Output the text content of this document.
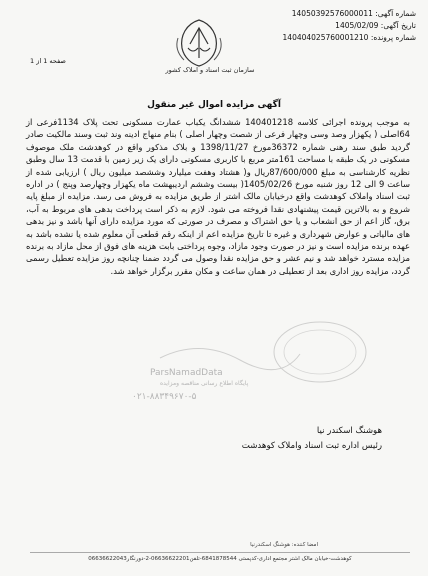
شماره آگهی: 14050392576000011
تاریخ آگهی: 1405/02/09
شماره پرونده: 140404025760001210
سازمان ثبت اسناد و املاک کشور
صفحه 1 از 1
آگهی مزایده اموال غیر منقول
به موجب پرونده اجرائی کلاسه 140401218 ششدانگ یکباب عمارت مسکونی تحت پلاک 1134فرعی از 64اصلی ( یکهزار وصد وسی وچهار فرعی از شصت وچهار اصلی ) بنام منهاج ادینه وند ثبت وسند مالکیت صادر گردید طبق سند رهنی شماره 36372مورخ 1398/11/27 و بلاک مذکور واقع در کوهدشت ملک موصوف مسکونی در یک طبقه با مساحت 161متر مربع با کاربری مسکونی دارای یک زیر زمین با قدمت 13 سال وطبق نظریه کارشناسی به مبلغ 87/600/000ریال و( هشتاد وهفت میلیارد وششصد میلیون ریال ) ارزیابی شده از ساعت 9 الی 12 روز شنبه مورخ 1405/02/26( بیست وششم اردیبهشت ماه یکهزار وچهارصد وپنج ) در اداره ثبت اسناد واملاک کوهدشت واقع درخیابان مالک اشتر از طریق مزایده به فروش می رسد. مزایده از مبلغ پایه شروع و به بالاترین قیمت پیشنهادی نقدا فروخته می شود. لازم به ذکر است پرداخت بدهی های مربوط به آب، برق، گاز اعم از حق انشعاب و یا حق اشتراک و مصرف در صورتی که مورد مزایده دارای آنها باشد و نیز بدهی های مالیاتی و عوارض شهرداری و غیره تا تاریخ مزایده اعم از اینکه رقم قطعی آن معلوم شده یا نشده باشد به عهده برنده مزایده است و نیز در صورت وجود مازاد، وجوه پرداختی بابت هزینه های فوق از محل مازاد به برنده مزایده مسترد خواهد شد و نیم عشر و حق مزایده نقدا وصول می گردد ضمنا چنانچه روز مزایده تعطیل رسمی گردد، مزایده روز اداری بعد از تعطیلی در همان ساعت و مکان مقرر برگزار خواهد شد.
ParsNamadData
پایگاه اطلاع رسانی مناقصه ومزایده
۰۲۱-۸۸۳۴۹۶۷۰-۵
هوشنگ اسکندر نیا
رئیس اداره ثبت اسناد واملاک کوهدشت
امضا کننده: هوشنگ اسکندرنیا
کوهدشت-خیابان مالک اشتر مجتمع اداری-کدپستی 6841878544-تلفن06636622201-2-دورنگار06636622043
